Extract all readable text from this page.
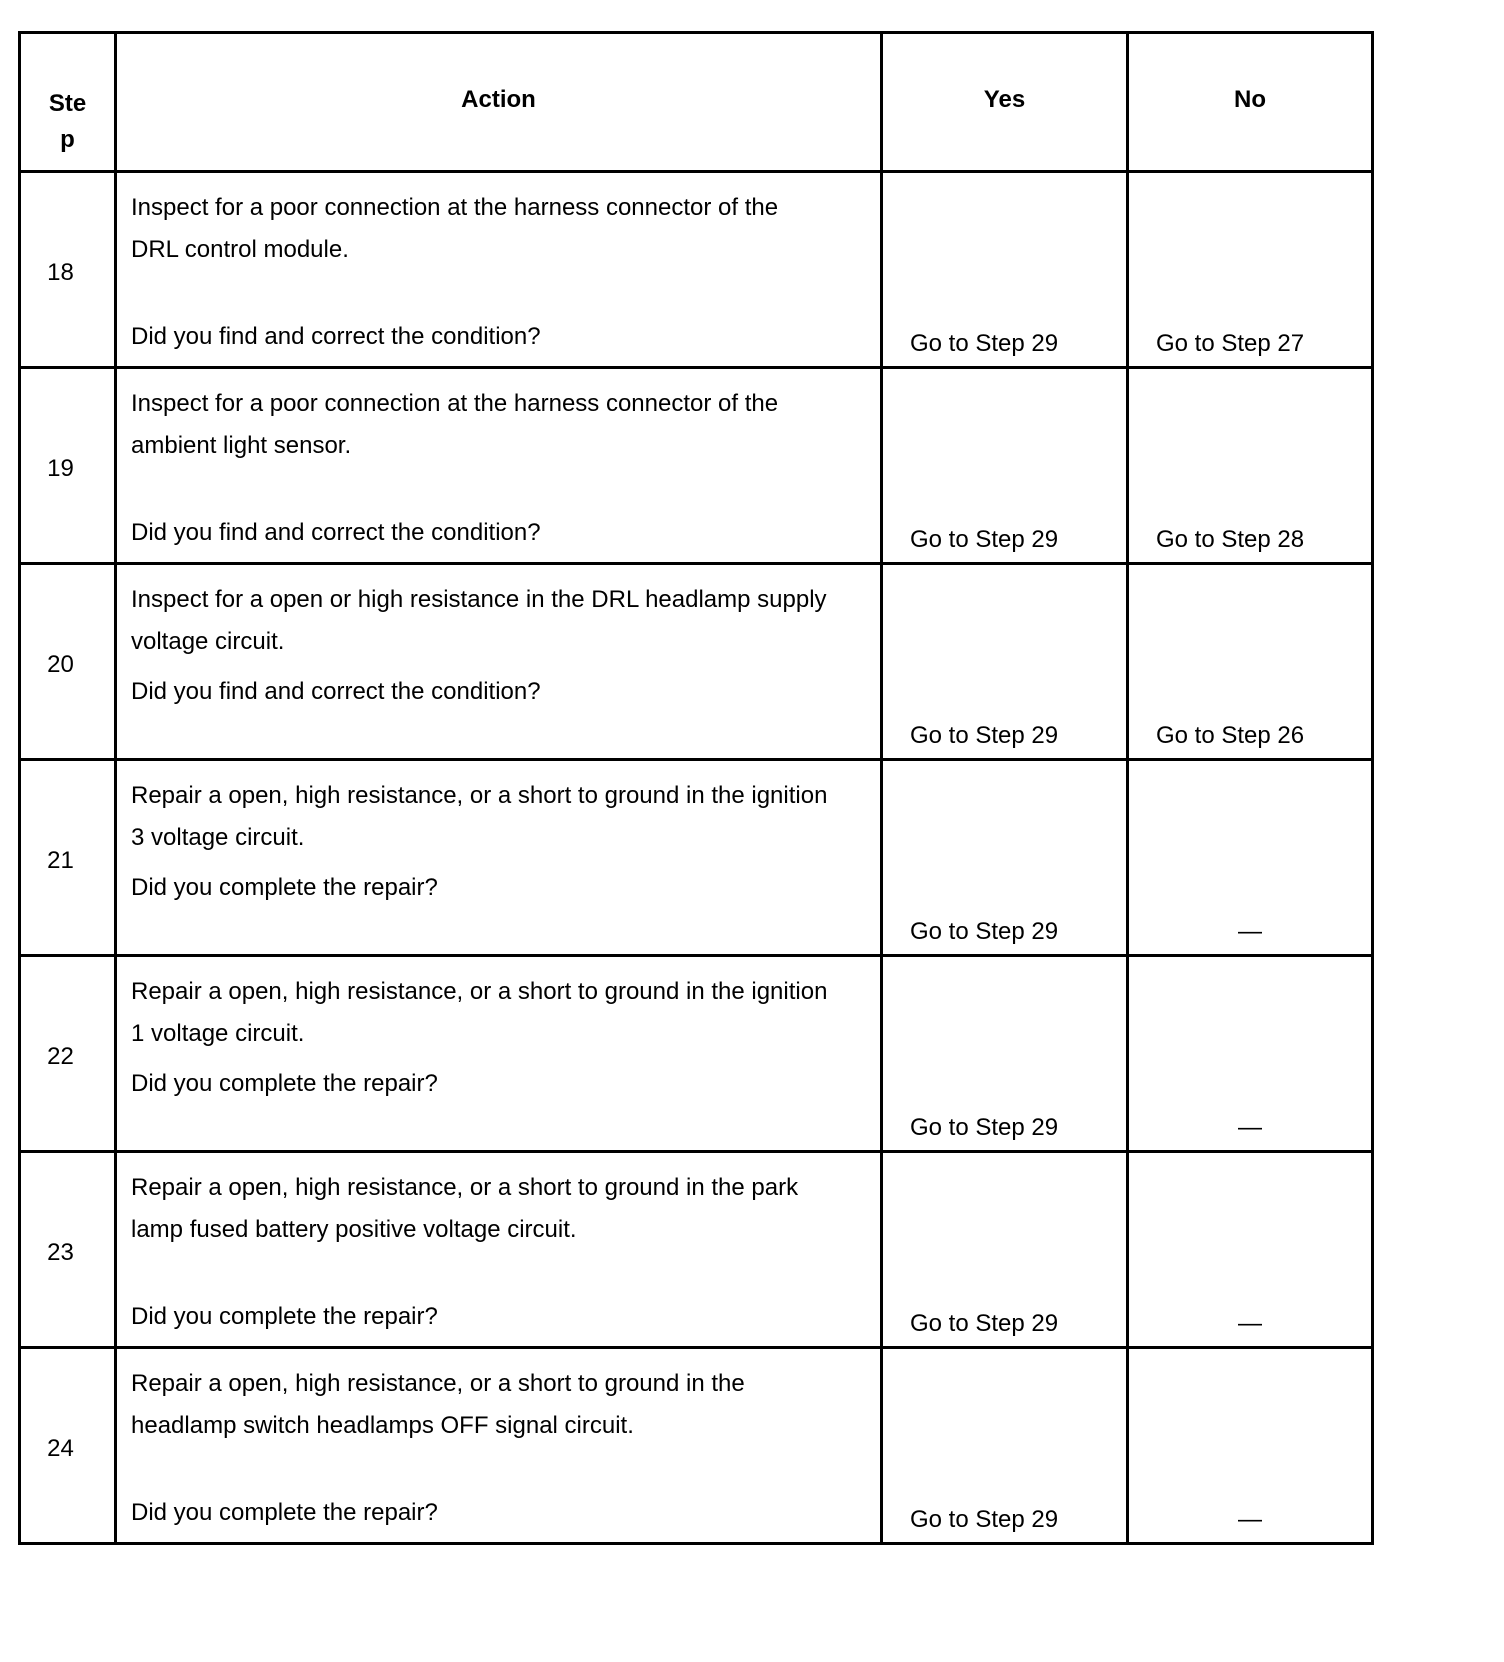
Step	Action	Yes	No

18	Inspect for a poor connection at the harness connector of the DRL control module.
Did you find and correct the condition?	Go to Step 29	Go to Step 27

19	Inspect for a poor connection at the harness connector of the ambient light sensor.
Did you find and correct the condition?	Go to Step 29	Go to Step 28

20	Inspect for a open or high resistance in the DRL headlamp supply voltage circuit.
Did you find and correct the condition?	Go to Step 29	Go to Step 26

21	Repair a open, high resistance, or a short to ground in the ignition 3 voltage circuit.
Did you complete the repair?	Go to Step 29	—

22	Repair a open, high resistance, or a short to ground in the ignition 1 voltage circuit.
Did you complete the repair?	Go to Step 29	—

23	Repair a open, high resistance, or a short to ground in the park lamp fused battery positive voltage circuit.
Did you complete the repair?	Go to Step 29	—

24	Repair a open, high resistance, or a short to ground in the headlamp switch headlamps OFF signal circuit.
Did you complete the repair?	Go to Step 29	—
